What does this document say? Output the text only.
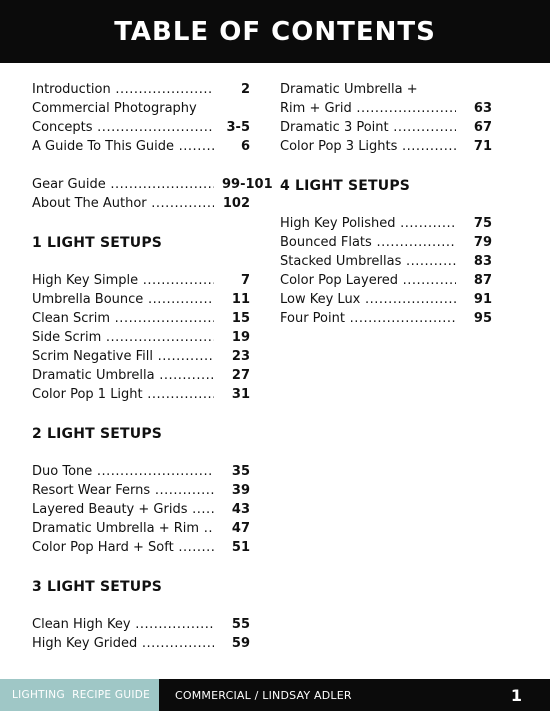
TABLE OF CONTENTS
Introduction .....	2
Commercial Photography
Concepts .....	3-5
A Guide To This Guide .....	6
Gear Guide .....	99-101
About The Author .....	102
1 LIGHT SETUPS
High Key Simple .....	7
Umbrella Bounce .....	11
Clean Scrim .....	15
Side Scrim .....	19
Scrim Negative Fill .....	23
Dramatic Umbrella .....	27
Color Pop 1 Light .....	31
2 LIGHT SETUPS
Duo Tone .....	35
Resort Wear Ferns .....	39
Layered Beauty + Grids .....	43
Dramatic Umbrella + Rim .....	47
Color Pop Hard + Soft .....	51
3 LIGHT SETUPS
Clean High Key .....	55
High Key Grided .....	59
Dramatic Umbrella +
Rim + Grid .....	63
Dramatic 3 Point .....	67
Color Pop 3 Lights .....	71
4 LIGHT SETUPS
High Key Polished .....	75
Bounced Flats .....	79
Stacked Umbrellas .....	83
Color Pop Layered .....	87
Low Key Lux .....	91
Four Point .....	95
LIGHTING  RECIPE GUIDE COMMERCIAL / LINDSAY ADLER	1
